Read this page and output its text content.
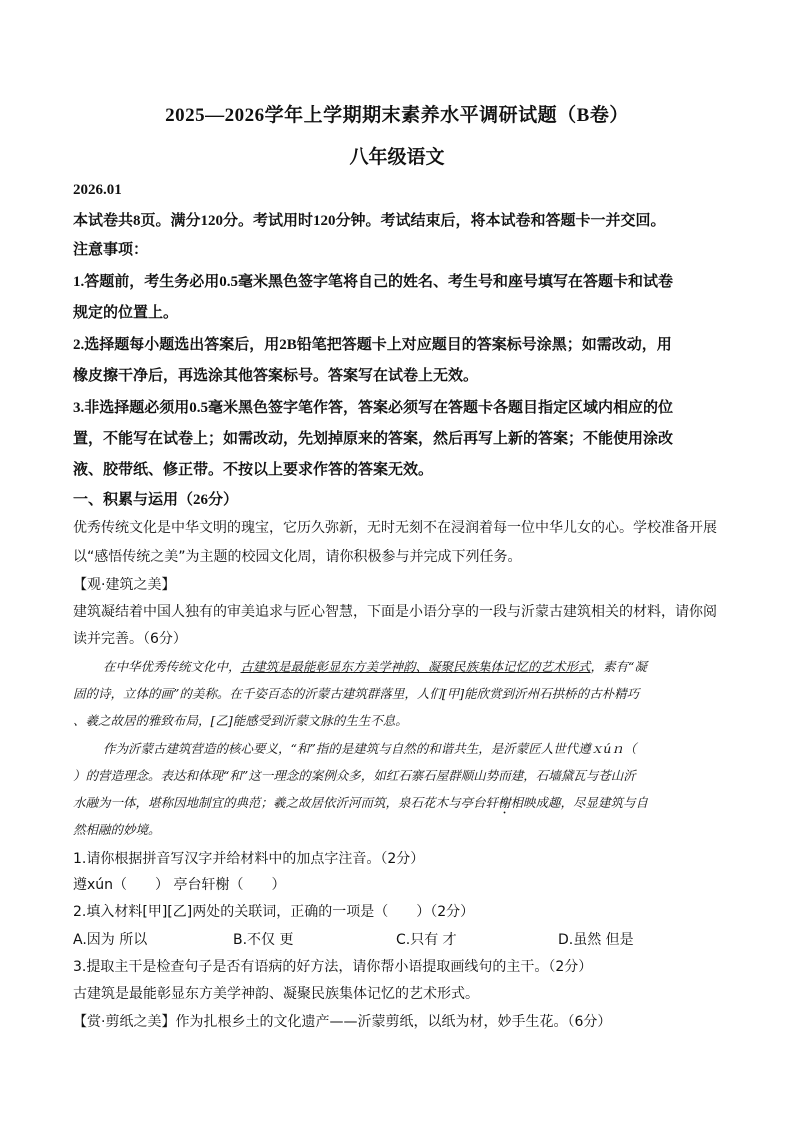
2025—2026学年上学期期末素养水平调研试题（B卷）
八年级语文
2026.01
本试卷共8页。满分120分。考试用时120分钟。考试结束后，将本试卷和答题卡一并交回。
注意事项：
1.答题前，考生务必用0.5毫米黑色签字笔将自己的姓名、考生号和座号填写在答题卡和试卷
规定的位置上。
2.选择题每小题选出答案后，用2B铅笔把答题卡上对应题目的答案标号涂黑；如需改动，用
橡皮擦干净后，再选涂其他答案标号。答案写在试卷上无效。
3.非选择题必须用0.5毫米黑色签字笔作答，答案必须写在答题卡各题目指定区域内相应的位
置，不能写在试卷上；如需改动，先划掉原来的答案，然后再写上新的答案；不能使用涂改
液、胶带纸、修正带。不按以上要求作答的答案无效。
一、积累与运用（26分）
优秀传统文化是中华文明的瑰宝，它历久弥新，无时无刻不在浸润着每一位中华儿女的心。学校准备开展
以“感悟传统之美”为主题的校园文化周，请你积极参与并完成下列任务。
【观·建筑之美】
建筑凝结着中国人独有的审美追求与匠心智慧，下面是小语分享的一段与沂蒙古建筑相关的材料，请你阅
读并完善。（6分）
在中华优秀传统文化中，古建筑是最能彰显东方美学神韵、凝聚民族集体记忆的艺术形式，素有“凝
固的诗，立体的画”的美称。在千姿百态的沂蒙古建筑群落里，人们[甲]能欣赏到沂州石拱桥的古朴精巧
、羲之故居的雅致布局，[乙]能感受到沂蒙文脉的生生不息。
作为沂蒙古建筑营造的核心要义，“和”指的是建筑与自然的和谐共生，是沂蒙匠人世代遵ｘúｎ（
）的营造理念。表达和体现“和”这一理念的案例众多，如红石寨石屋群顺山势而建，石墙黛瓦与苍山沂
水融为一体，堪称因地制宜的典范；羲之故居依沂河而筑，泉石花木与亭台轩榭相映成趣，尽显建筑与自
然相融的妙境。
1.请你根据拼音写汉字并给材料中的加点字注音。（2分）
遵xún（　　） 亭台轩榭（　　）
2.填入材料[甲][乙]两处的关联词，正确的一项是（　　）（2分）
A.因为 所以	B.不仅 更	C.只有 才	D.虽然 但是
3.提取主干是检查句子是否有语病的好方法，请你帮小语提取画线句的主干。（2分）
古建筑是最能彰显东方美学神韵、凝聚民族集体记忆的艺术形式。
【赏·剪纸之美】作为扎根乡土的文化遗产——沂蒙剪纸，以纸为材，妙手生花。（6分）
